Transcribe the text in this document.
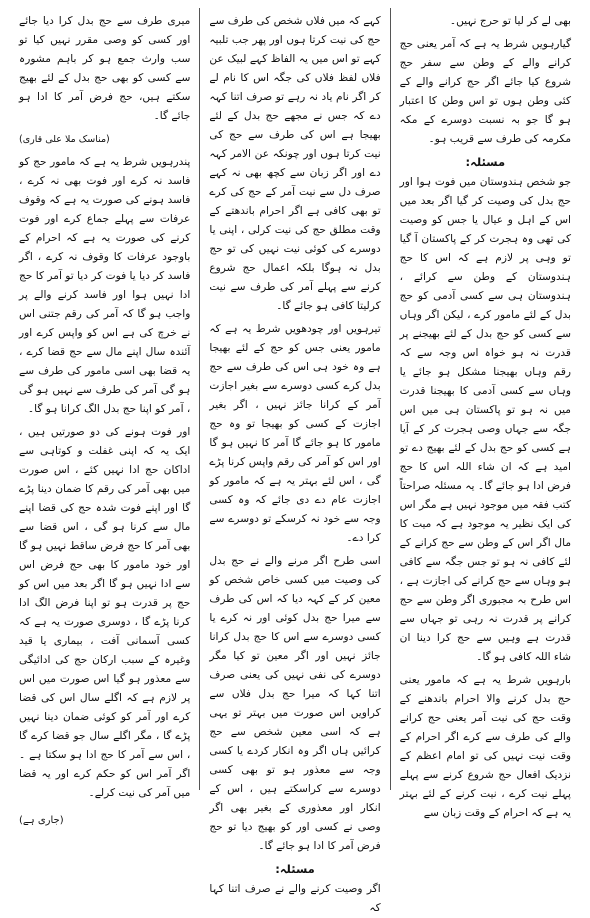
بھی لے کر لیا تو حرج نہیں۔

گیارہویں شرط یہ ہے کہ آمر یعنی حج کرانے والے کے وطن سے سفر حج شروع کیا جائے اگر حج کرانے والے کے کئی وطن ہوں تو اس وطن کا اعتبار ہو گا جو بہ نسبت دوسرے کے مکہ مکرمہ کی طرف سے قریب ہو۔

مسئلہ:

جو شخص ہندوستان میں فوت ہوا اور حج بدل کی وصیت کر گیا اگر بعد میں اس کے اہل و عیال یا جس کو وصیت کی تھی وہ ہجرت کر کے پاکستان آ گیا تو وہی پر لازم ہے کہ اس کا حج ہندوستان کے وطن سے کرائے ، ہندوستان ہی سے کسی آدمی کو حج بدل کے لئے مامور کرے ، لیکن اگر وہاں سے کسی کو حج بدل کے لئے بھیجنے پر قدرت نہ ہو خواہ اس وجہ سے کہ رقم وہاں بھیجنا مشکل ہو جائے یا وہاں سے کسی آدمی کا بھیجنا قدرت میں نہ ہو تو پاکستان ہی میں اس جگہ سے جہاں وصی ہجرت کر کے آیا ہے کسی کو حج بدل کے لئے بھیج دے تو امید ہے کہ ان شاء اللہ اس کا حج فرض ادا ہو جائے گا۔ یہ مسئلہ صراحتاً کتب فقہ میں موجود نہیں ہے مگر اس کی ایک نظیر یہ موجود ہے کہ میت کا مال اگر اس کے وطن سے حج کرانے کے لئے کافی نہ ہو تو جس جگہ سے کافی ہو وہاں سے حج کرانے کی اجازت ہے ، اس طرح بہ مجبوری اگر وطن سے حج کرانے پر قدرت نہ رہی تو جہاں سے قدرت ہے وہیں سے حج کرا دینا ان شاء اللہ کافی ہو گا۔

بارہویں شرط یہ ہے کہ مامور یعنی حج بدل کرنے والا احرام باندھنے کے وقت حج کی نیت آمر یعنی حج کرانے والے کی طرف سے کرے اگر احرام کے وقت نیت نہیں کی تو امام اعظم کے نزدیک افعال حج شروع کرنے سے پہلے پہلے نیت کرے ، نیت کرنے کے لئے بہتر یہ ہے کہ احرام کے وقت زبان سے

کہے کہ میں فلاں شخص کی طرف سے حج کی نیت کرتا ہوں اور پھر جب تلبیہ کہے تو اس میں یہ الفاظ کہے لبیک عن فلاں لفظ فلاں کی جگہ اس کا نام لے کر اگر نام یاد نہ رہے تو صرف اتنا کہہ دے کہ جس نے مجھے حج بدل کے لئے بھیجا ہے اس کی طرف سے حج کی نیت کرتا ہوں اور چونکہ عن الامر کہہ دے اور اگر زبان سے کچھ بھی نہ کہے صرف دل سے نیت آمر کے حج کی کرے تو بھی کافی ہے اگر احرام باندھتے کے وقت مطلق حج کی نیت کرلی ، اپنی یا دوسرے کی کوئی نیت نہیں کی تو حج بدل نہ ہوگا بلکہ اعمال حج شروع کرنے سے پہلے آمر کی طرف سے نیت کرلیتا کافی ہو جائے گا۔

تیرہویں اور چودھویں شرط یہ ہے کہ مامور یعنی جس کو حج کے لئے بھیجا ہے وہ خود ہی اس کی طرف سے حج بدل کرے کسی دوسرے سے بغیر اجازت آمر کے کرانا جائز نہیں ، اگر بغیر اجازت کے کسی کو بھیجا تو وہ حج مامور کا ہو جائے گا آمر کا نہیں ہو گا اور اس کو آمر کی رقم واپس کرنا پڑے گی ، اس لئے بہتر یہ ہے کہ مامور کو اجازت عام دے دی جائے کہ وہ کسی وجہ سے خود نہ کرسکے تو دوسرے سے کرا دے۔

اسی طرح اگر مرنے والے نے حج بدل کی وصیت میں کسی خاص شخص کو معین کر کے کہہ دیا کہ اس کی طرف سے میرا حج بدل کوئی اور نہ کرے یا کسی دوسرے سے اس کا حج بدل کرانا جائز نہیں اور اگر معین تو کیا مگر دوسرے کی نفی نہیں کی یعنی صرف اتنا کہا کہ میرا حج بدل فلاں سے کراویں اس صورت میں بہتر تو یہی ہے کہ اسی معین شخص سے حج کرائیں ہاں اگر وہ انکار کردے یا کسی وجہ سے معذور ہو تو بھی کسی دوسرے سے کراسکتے ہیں ، اس کے انکار اور معذوری کے بغیر بھی اگر وصی نے کسی اور کو بھیج دیا تو حج فرض آمر کا ادا ہو جائے گا۔

مسئلہ:

اگر وصیت کرنے والے نے صرف اتنا کہا کہ

میری طرف سے حج بدل کرا دیا جائے اور کسی کو وصی مقرر نہیں کیا تو سب وارث جمع ہو کر باہم مشورہ سے کسی کو بھی حج بدل کے لئے بھیج سکتے ہیں، حج فرض آمر کا ادا ہو جائے گا۔

(مناسک ملا علی قاری)

پندرہویں شرط یہ ہے کہ مامور حج کو فاسد نہ کرے اور فوت بھی نہ کرے ، فاسد ہونے کی صورت یہ ہے کہ وقوف عرفات سے پہلے جماع کرے اور فوت کرنے کی صورت یہ ہے کہ احرام کے باوجود عرفات کا وقوف نہ کرے ، اگر فاسد کر دیا یا فوت کر دیا تو آمر کا حج ادا نہیں ہوا اور فاسد کرنے والے پر واجب ہو گا کہ آمر کی رقم جتنی اس نے خرچ کی ہے اس کو واپس کرے اور آئندہ سال اپنے مال سے حج قضا کرے ، یہ قضا بھی اسی مامور کی طرف سے ہو گی آمر کی طرف سے نہیں ہو گی ، آمر کو اپنا حج بدل الگ کرانا ہو گا۔

اور فوت ہونے کی دو صورتیں ہیں ، ایک یہ کہ اپنی غفلت و کوتاہی سے اداکان حج ادا نہیں کئے ، اس صورت میں بھی آمر کی رقم کا ضمان دینا پڑے گا اور اپنے فوت شدہ حج کی قضا اپنے مال سے کرنا ہو گی ، اس قضا سے بھی آمر کا حج فرض ساقط نہیں ہو گا اور خود مامور کا بھی حج فرض اس سے ادا نہیں ہو گا اگر بعد میں اس کو حج پر قدرت ہو تو اپنا فرض الگ ادا کرنا پڑے گا ، دوسری صورت یہ ہے کہ کسی آسمانی آفت ، بیماری یا قید وغیرہ کے سبب ارکان حج کی ادائیگی سے معذور ہو گیا اس صورت میں اس پر لازم ہے کہ اگلے سال اس کی قضا کرے اور آمر کو کوئی ضمان دینا نہیں پڑے گا ، مگر اگلے سال جو قضا کرے گا ، اس سے آمر کا حج ادا ہو سکتا ہے ۔ اگر آمر اس کو حکم کرے اور یہ قضا میں آمر کی نیت کرلے۔

(جاری ہے)
